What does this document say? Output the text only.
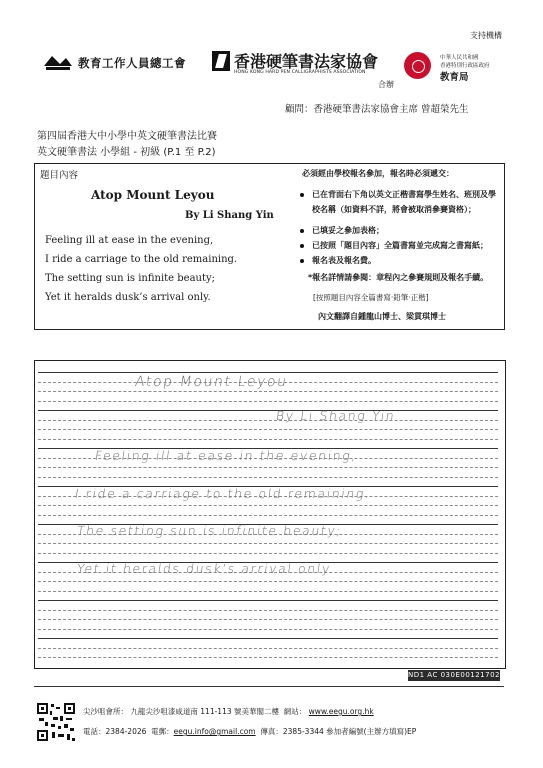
支持機構
教育工作人員總工會	香港硬筆書法家協會
HONG KONG HARD PEN CALLIGRAPHISTS ASSOCIATION
合辦
中華人民共和國
香港特別行政區政府
教育局
顧問：香港硬筆書法家協會主席 曾超榮先生
第四屆香港大中小學中英文硬筆書法比賽
英文硬筆書法 小學組 - 初級 (P.1 至 P.2)
題目內容
Atop Mount Leyou
By Li Shang Yin
Feeling ill at ease in the evening,
I ride a carriage to the old remaining.
The setting sun is infinite beauty;
Yet it heralds dusk’s arrival only.
必須經由學校報名參加，報名時必須遞交：
已在背面右下角以英文正楷書寫學生姓名、班別及學
校名稱（如資料不詳，將會被取消參賽資格）；
已填妥之參加表格；
已按照「題目內容」全篇書寫並完成寫之書寫紙；
報名表及報名費。
*報名詳情請參閱：章程內之參賽規則及報名手續。
[按照題目內容全篇書寫‧鉛筆‧正楷]
內文翻譯自鍾龍山博士、梁貫琪博士
Atop Mount Leyou
By Li Shang Yin
Feeling ill at ease in the evening,
I ride a carriage to the old remaining.
The setting sun is infinite beauty;
Yet it heralds dusk’s arrival only.
ND1 AC 030E00121702
尖沙咀會所： 九龍尖沙咀漆咸道南 111-113 號美華閣二樓 網站： www.eegu.org.hk
電話：2384-2026 電郵：eegu.info@gmail.com 傳真：2385-3344 參加者編號(主辦方填寫)EP
